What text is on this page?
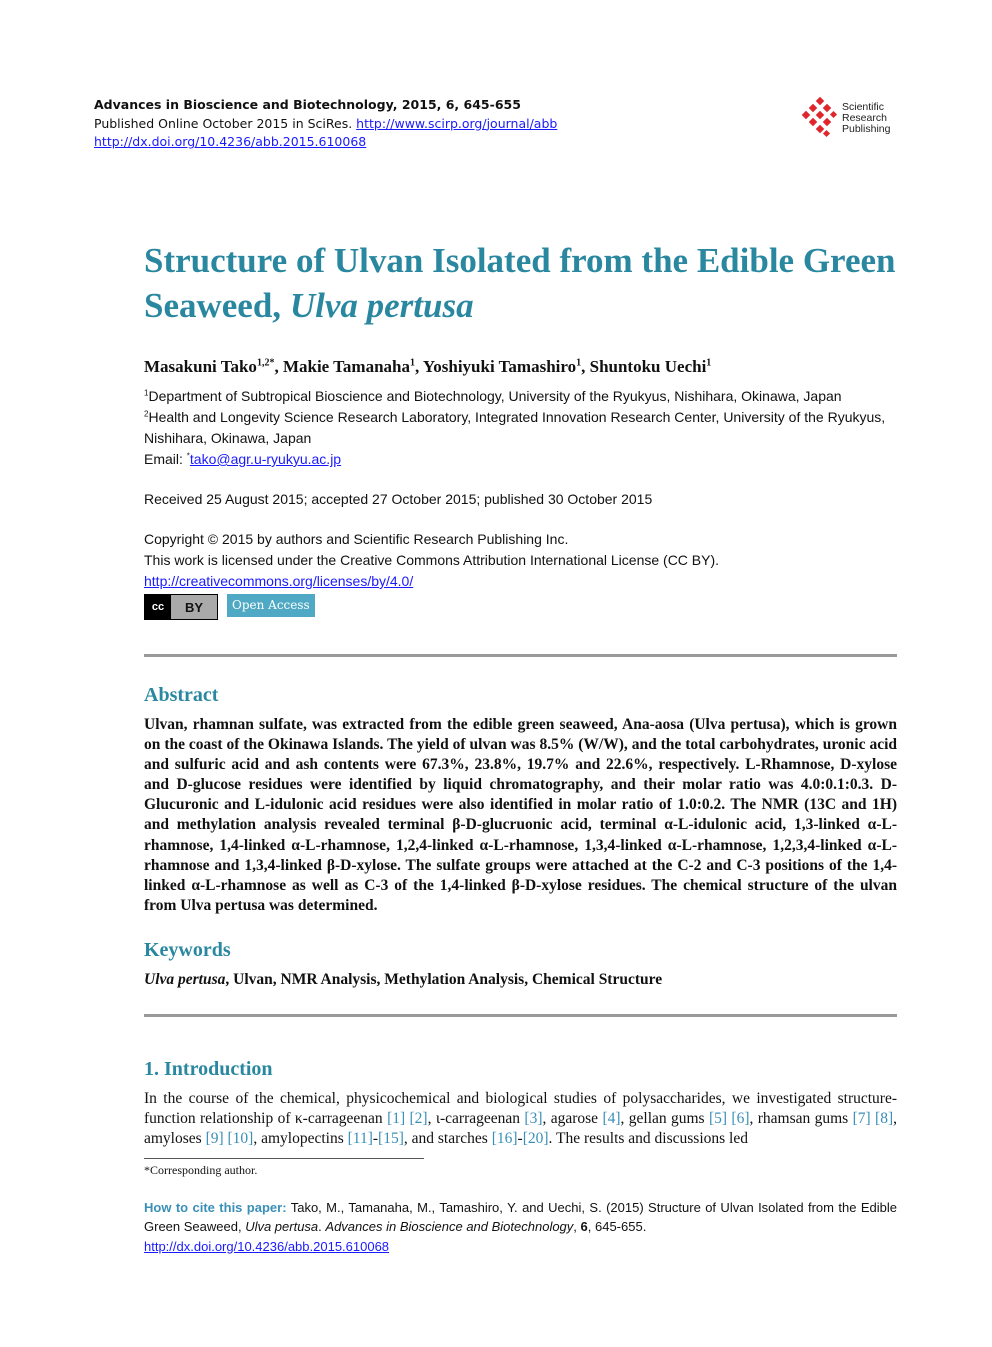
Advances in Bioscience and Biotechnology, 2015, 6, 645-655
Published Online October 2015 in SciRes. http://www.scirp.org/journal/abb
http://dx.doi.org/10.4236/abb.2015.610068
Scientific
Research
Publishing
Structure of Ulvan Isolated from the Edible Green Seaweed, Ulva pertusa
Masakuni Tako$^{1,2*}$, Makie Tamanaha$^1$, Yoshiyuki Tamashiro$^1$, Shuntoku Uechi$^1$
$^1$Department of Subtropical Bioscience and Biotechnology, University of the Ryukyus, Nishihara, Okinawa, Japan
$^2$Health and Longevity Science Research Laboratory, Integrated Innovation Research Center, University of the Ryukyus, Nishihara, Okinawa, Japan
Email: *tako@agr.u-ryukyu.ac.jp
Received 25 August 2015; accepted 27 October 2015; published 30 October 2015
Copyright © 2015 by authors and Scientific Research Publishing Inc.
This work is licensed under the Creative Commons Attribution International License (CC BY).
http://creativecommons.org/licenses/by/4.0/
cc	BY	Open Access
Abstract
Ulvan, rhamnan sulfate, was extracted from the edible green seaweed, Ana-aosa (Ulva pertusa), which is grown on the coast of the Okinawa Islands. The yield of ulvan was 8.5% (W/W), and the total carbohydrates, uronic acid and sulfuric acid and ash contents were 67.3%, 23.8%, 19.7% and 22.6%, respectively. L-Rhamnose, D-xylose and D-glucose residues were identified by liquid chromatography, and their molar ratio was 4.0:0.1:0.3. D-Glucuronic and L-idulonic acid residues were also identified in molar ratio of 1.0:0.2. The NMR (13C and 1H) and methylation analysis revealed terminal β-D-glucruonic acid, terminal α-L-idulonic acid, 1,3-linked α-L-rhamnose, 1,4-linked α-L-rhamnose, 1,2,4-linked α-L-rhamnose, 1,3,4-linked α-L-rhamnose, 1,2,3,4-linked α-L-rhamnose and 1,3,4-linked β-D-xylose. The sulfate groups were attached at the C-2 and C-3 positions of the 1,4-linked α-L-rhamnose as well as C-3 of the 1,4-linked β-D-xylose residues. The chemical structure of the ulvan from Ulva pertusa was determined.
Keywords
Ulva pertusa, Ulvan, NMR Analysis, Methylation Analysis, Chemical Structure
1. Introduction
In the course of the chemical, physicochemical and biological studies of polysaccharides, we investigated structure-function relationship of κ-carrageenan [1] [2], ι-carrageenan [3], agarose [4], gellan gums [5] [6], rhamsan gums [7] [8], amyloses [9] [10], amylopectins [11]-[15], and starches [16]-[20]. The results and discussions led
*Corresponding author.
How to cite this paper: Tako, M., Tamanaha, M., Tamashiro, Y. and Uechi, S. (2015) Structure of Ulvan Isolated from the Edible Green Seaweed, Ulva pertusa. Advances in Bioscience and Biotechnology, 6, 645-655.
http://dx.doi.org/10.4236/abb.2015.610068
